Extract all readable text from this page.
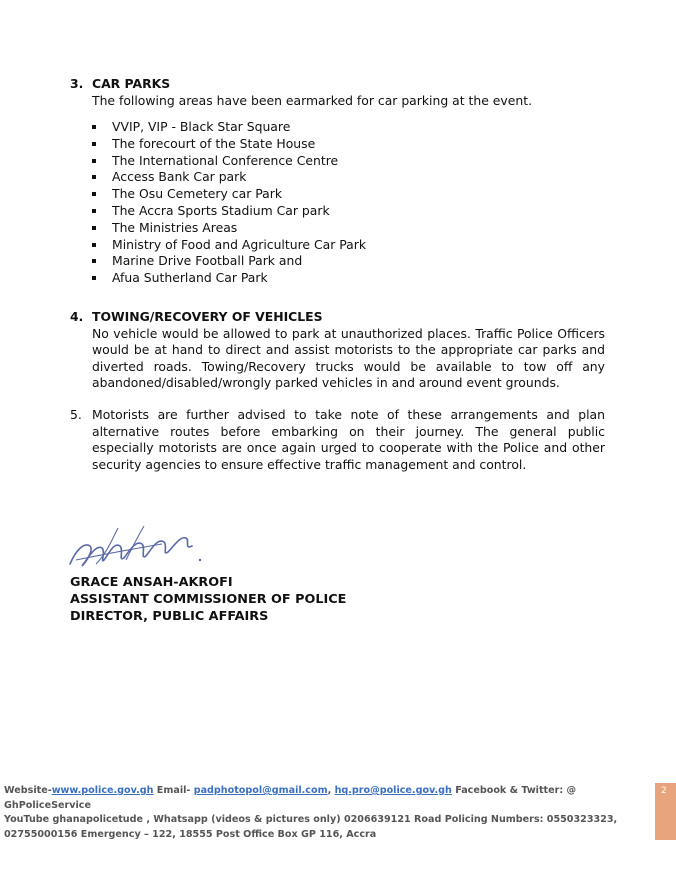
3. CAR PARKS
The following areas have been earmarked for car parking at the event.
VVIP, VIP - Black Star Square
The forecourt of the State House
The International Conference Centre
Access Bank Car park
The Osu Cemetery car Park
The Accra Sports Stadium Car park
The Ministries Areas
Ministry of Food and Agriculture Car Park
Marine Drive Football Park and
Afua Sutherland Car Park
4. TOWING/RECOVERY OF VEHICLES
No vehicle would be allowed to park at unauthorized places. Traffic Police Officers would be at hand to direct and assist motorists to the appropriate car parks and diverted roads. Towing/Recovery trucks would be available to tow off any abandoned/disabled/wrongly parked vehicles in and around event grounds.
5. Motorists are further advised to take note of these arrangements and plan alternative routes before embarking on their journey. The general public especially motorists are once again urged to cooperate with the Police and other security agencies to ensure effective traffic management and control.
GRACE ANSAH-AKROFI
ASSISTANT COMMISSIONER OF POLICE
DIRECTOR, PUBLIC AFFAIRS
Website-www.police.gov.gh Email- padphotopol@gmail.com, hq.pro@police.gov.gh Facebook & Twitter: @ GhPoliceService
YouTube ghanapolicetude , Whatsapp (videos & pictures only) 0206639121 Road Policing Numbers: 0550323323,
02755000156 Emergency – 122, 18555 Post Office Box GP 116, Accra
2
